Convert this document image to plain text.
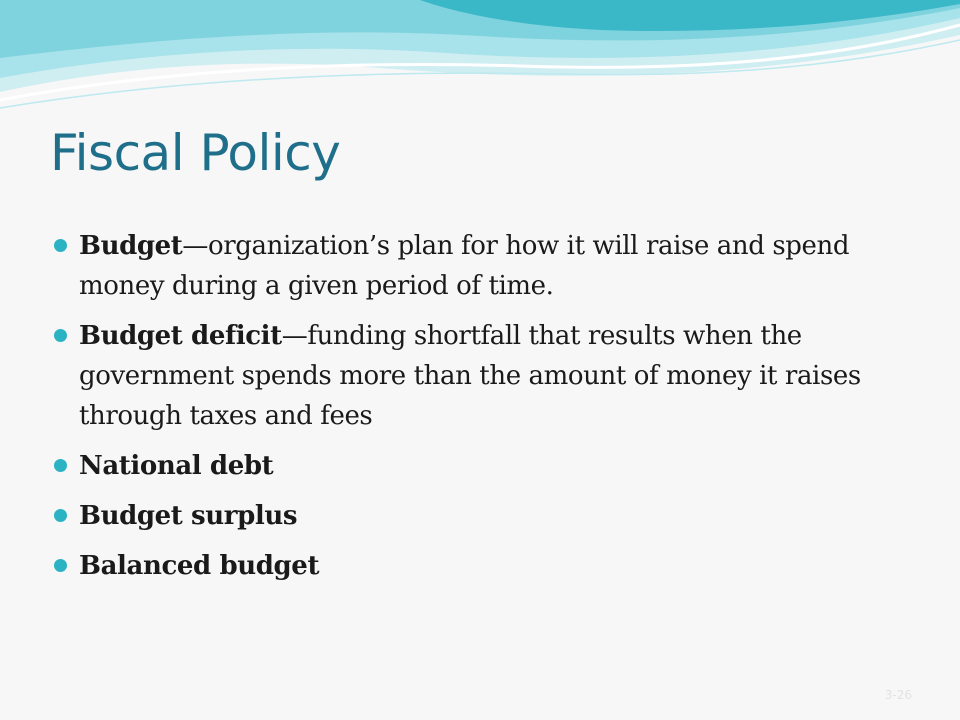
Fiscal Policy
Budget—organization’s plan for how it will raise and spend money during a given period of time.
Budget deficit—funding shortfall that results when the government spends more than the amount of money it raises through taxes and fees
National debt
Budget surplus
Balanced budget
3-26
